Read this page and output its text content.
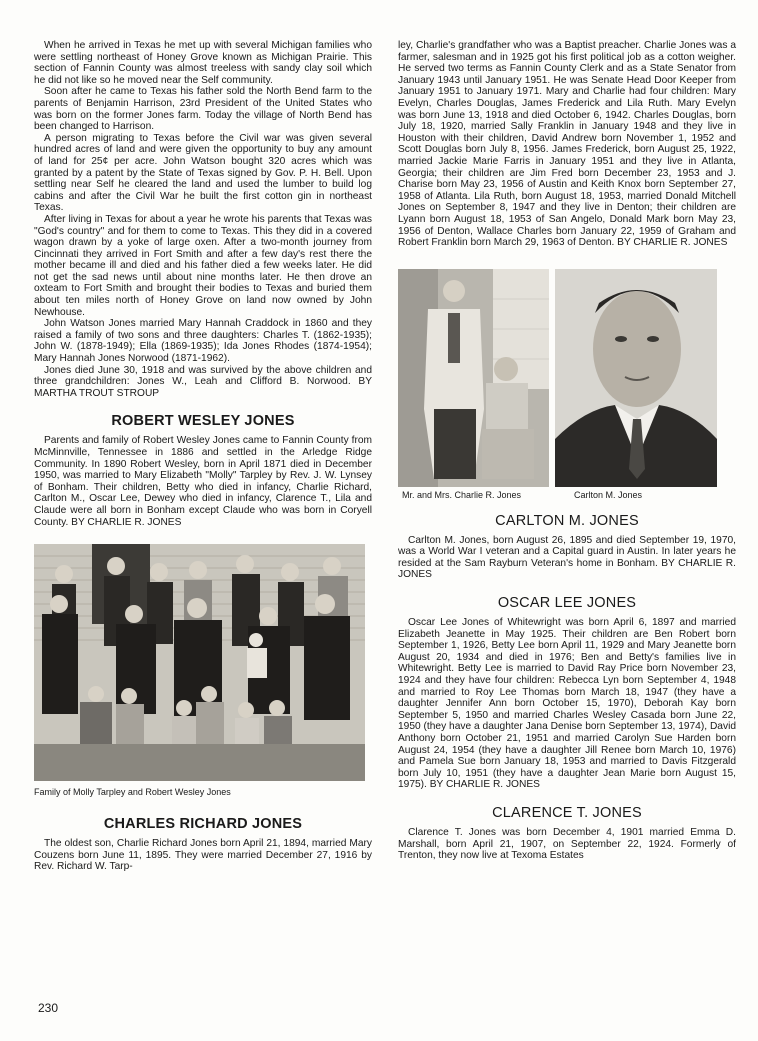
When he arrived in Texas he met up with several Michigan families who were settling northeast of Honey Grove known as Michigan Prairie. This section of Fannin County was almost treeless with sandy clay soil which he did not like so he moved near the Self community.

Soon after he came to Texas his father sold the North Bend farm to the parents of Benjamin Harrison, 23rd President of the United States who was born on the former Jones farm. Today the village of North Bend has been changed to Harrison.

A person migrating to Texas before the Civil war was given several hundred acres of land and were given the opportunity to buy any amount of land for 25¢ per acre. John Watson bought 320 acres which was granted by a patent by the State of Texas signed by Gov. P. H. Bell. Upon settling near Self he cleared the land and used the lumber to build log cabins and after the Civil War he built the first cotton gin in northeast Texas.

After living in Texas for about a year he wrote his parents that Texas was "God's country" and for them to come to Texas. This they did in a covered wagon drawn by a yoke of large oxen. After a two-month journey from Cincinnati they arrived in Fort Smith and after a few day's rest there the mother became ill and died and his father died a few weeks later. He did not get the sad news until about nine months later. He then drove an oxteam to Fort Smith and brought their bodies to Texas and buried them about ten miles north of Honey Grove on land now owned by John Newhouse.

John Watson Jones married Mary Hannah Craddock in 1860 and they raised a family of two sons and three daughters: Charles T. (1862-1935); John W. (1878-1949); Ella (1869-1935); Ida Jones Rhodes (1874-1954); Mary Hannah Jones Norwood (1871-1962).

Jones died June 30, 1918 and was survived by the above children and three grandchildren: Jones W., Leah and Clifford B. Norwood. BY MARTHA TROUT STROUP

ROBERT WESLEY JONES

Parents and family of Robert Wesley Jones came to Fannin County from McMinnville, Tennessee in 1886 and settled in the Arledge Ridge Community. In 1890 Robert Wesley, born in April 1871 died in December 1950, was married to Mary Elizabeth "Molly" Tarpley by Rev. J. W. Lynsey of Bonham. Their children, Betty who died in infancy, Charlie Richard, Carlton M., Oscar Lee, Dewey who died in infancy, Clarence T., Lila and Claude were all born in Bonham except Claude who was born in Coryell County. BY CHARLIE R. JONES

Family of Molly Tarpley and Robert Wesley Jones
CHARLES RICHARD JONES

The oldest son, Charlie Richard Jones born April 21, 1894, married Mary Couzens born June 11, 1895. They were married December 27, 1916 by Rev. Richard W. Tarp-

ley, Charlie's grandfather who was a Baptist preacher. Charlie Jones was a farmer, salesman and in 1925 got his first political job as a cotton weigher. He served two terms as Fannin County Clerk and as a State Senator from January 1943 until January 1951. He was Senate Head Door Keeper from January 1951 to January 1971. Mary and Charlie had four children: Mary Evelyn, Charles Douglas, James Frederick and Lila Ruth. Mary Evelyn was born June 13, 1918 and died October 6, 1942. Charles Douglas, born July 18, 1920, married Sally Franklin in January 1948 and they live in Houston with their children, David Andrew born November 1, 1952 and Scott Douglas born July 8, 1956. James Frederick, born August 25, 1922, married Jackie Marie Farris in January 1951 and they live in Atlanta, Georgia; their children are Jim Fred born December 23, 1953 and J. Charise born May 23, 1956 of Austin and Keith Knox born September 27, 1958 of Atlanta. Lila Ruth, born August 18, 1953, married Donald Mitchell Jones on September 8, 1947 and they live in Denton; their children are Lyann born August 18, 1953 of San Angelo, Donald Mark born May 23, 1956 of Denton, Wallace Charles born January 22, 1959 of Graham and Robert Franklin born March 29, 1963 of Denton. BY CHARLIE R. JONES

Mr. and Mrs. Charlie R. Jones	Carlton M. Jones
CARLTON M. JONES

Carlton M. Jones, born August 26, 1895 and died September 19, 1970, was a World War I veteran and a Capital guard in Austin. In later years he resided at the Sam Rayburn Veteran's home in Bonham. BY CHARLIE R. JONES

OSCAR LEE JONES

Oscar Lee Jones of Whitewright was born April 6, 1897 and married Elizabeth Jeanette in May 1925. Their children are Ben Robert born September 1, 1926, Betty Lee born April 11, 1929 and Mary Jeanette born August 20, 1934 and died in 1976; Ben and Betty's families live in Whitewright. Betty Lee is married to David Ray Price born November 23, 1924 and they have four children: Rebecca Lyn born September 4, 1948 and married to Roy Lee Thomas born March 18, 1947 (they have a daughter Jennifer Ann born October 15, 1970), Deborah Kay born September 5, 1950 and married Charles Wesley Casada born June 22, 1950 (they have a daughter Jana Denise born September 13, 1974), David Anthony born October 21, 1951 and married Carolyn Sue Harden born August 24, 1954 (they have a daughter Jill Renee born March 10, 1976) and Pamela Sue born January 18, 1953 and married to Davis Fitzgerald born July 10, 1951 (they have a daughter Jean Marie born August 15, 1975). BY CHARLIE R. JONES

CLARENCE T. JONES

Clarence T. Jones was born December 4, 1901 married Emma D. Marshall, born April 21, 1907, on September 22, 1924. Formerly of Trenton, they now live at Texoma Estates

230
